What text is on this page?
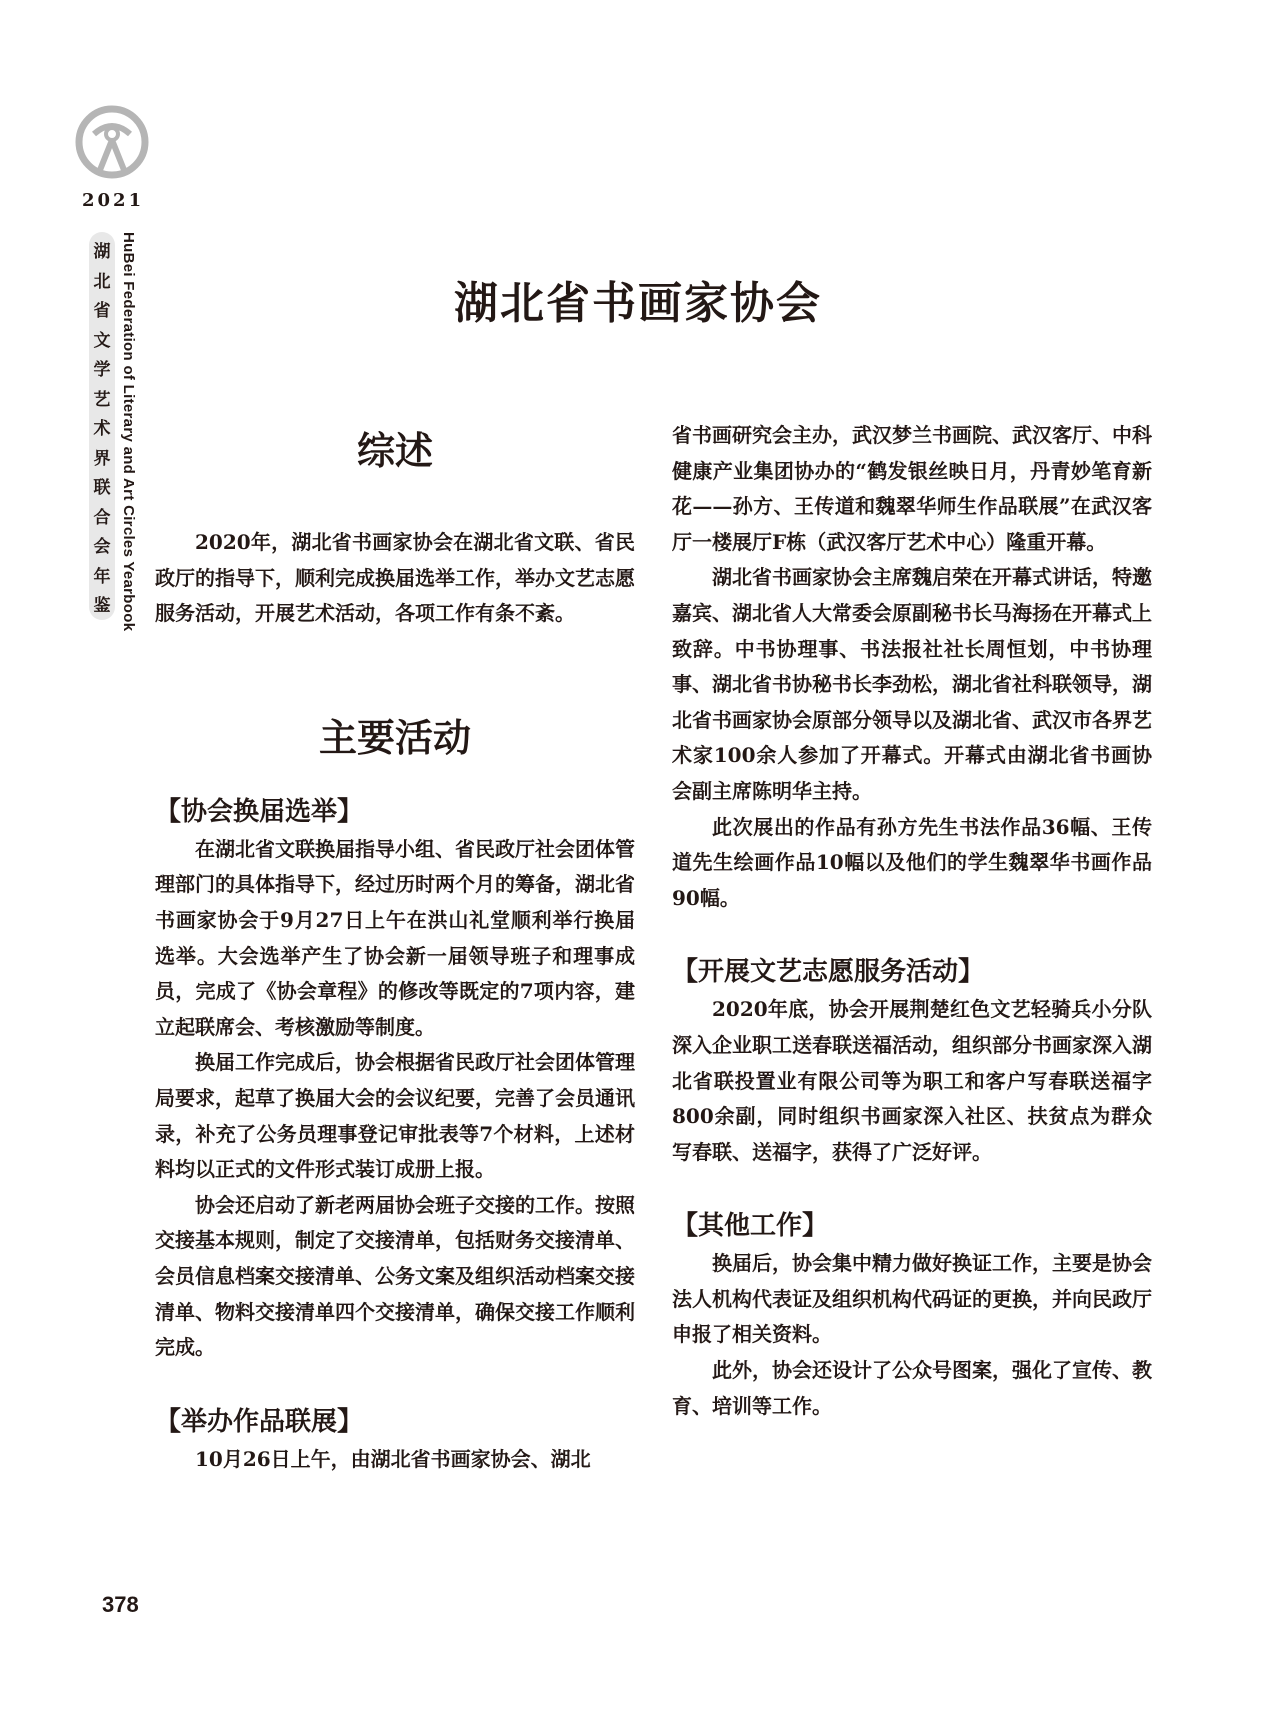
2021
湖北省文学艺术界联合会年鉴 HuBei Federation of Literary and Art Circles Yearbook	湖北省书画家协会
综述

2020年，湖北省书画家协会在湖北省文联、省民政厅的指导下，顺利完成换届选举工作，举办文艺志愿服务活动，开展艺术活动，各项工作有条不紊。

主要活动
【协会换届选举】

在湖北省文联换届指导小组、省民政厅社会团体管理部门的具体指导下，经过历时两个月的筹备，湖北省书画家协会于9月27日上午在洪山礼堂顺利举行换届选举。大会选举产生了协会新一届领导班子和理事成员，完成了《协会章程》的修改等既定的7项内容，建立起联席会、考核激励等制度。

换届工作完成后，协会根据省民政厅社会团体管理局要求，起草了换届大会的会议纪要，完善了会员通讯录，补充了公务员理事登记审批表等7个材料，上述材料均以正式的文件形式装订成册上报。

协会还启动了新老两届协会班子交接的工作。按照交接基本规则，制定了交接清单，包括财务交接清单、会员信息档案交接清单、公务文案及组织活动档案交接清单、物料交接清单四个交接清单，确保交接工作顺利完成。

【举办作品联展】

10月26日上午，由湖北省书画家协会、湖北

省书画研究会主办，武汉梦兰书画院、武汉客厅、中科健康产业集团协办的“鹤发银丝映日月，丹青妙笔育新花——孙方、王传道和魏翠华师生作品联展”在武汉客厅一楼展厅F栋（武汉客厅艺术中心）隆重开幕。

湖北省书画家协会主席魏启荣在开幕式讲话，特邀嘉宾、湖北省人大常委会原副秘书长马海扬在开幕式上致辞。中书协理事、书法报社社长周恒划，中书协理事、湖北省书协秘书长李劲松，湖北省社科联领导，湖北省书画家协会原部分领导以及湖北省、武汉市各界艺术家100余人参加了开幕式。开幕式由湖北省书画协会副主席陈明华主持。

此次展出的作品有孙方先生书法作品36幅、王传道先生绘画作品10幅以及他们的学生魏翠华书画作品90幅。

【开展文艺志愿服务活动】

2020年底，协会开展荆楚红色文艺轻骑兵小分队深入企业职工送春联送福活动，组织部分书画家深入湖北省联投置业有限公司等为职工和客户写春联送福字800余副，同时组织书画家深入社区、扶贫点为群众写春联、送福字，获得了广泛好评。

【其他工作】

换届后，协会集中精力做好换证工作，主要是协会法人机构代表证及组织机构代码证的更换，并向民政厅申报了相关资料。

此外，协会还设计了公众号图案，强化了宣传、教育、培训等工作。

378
